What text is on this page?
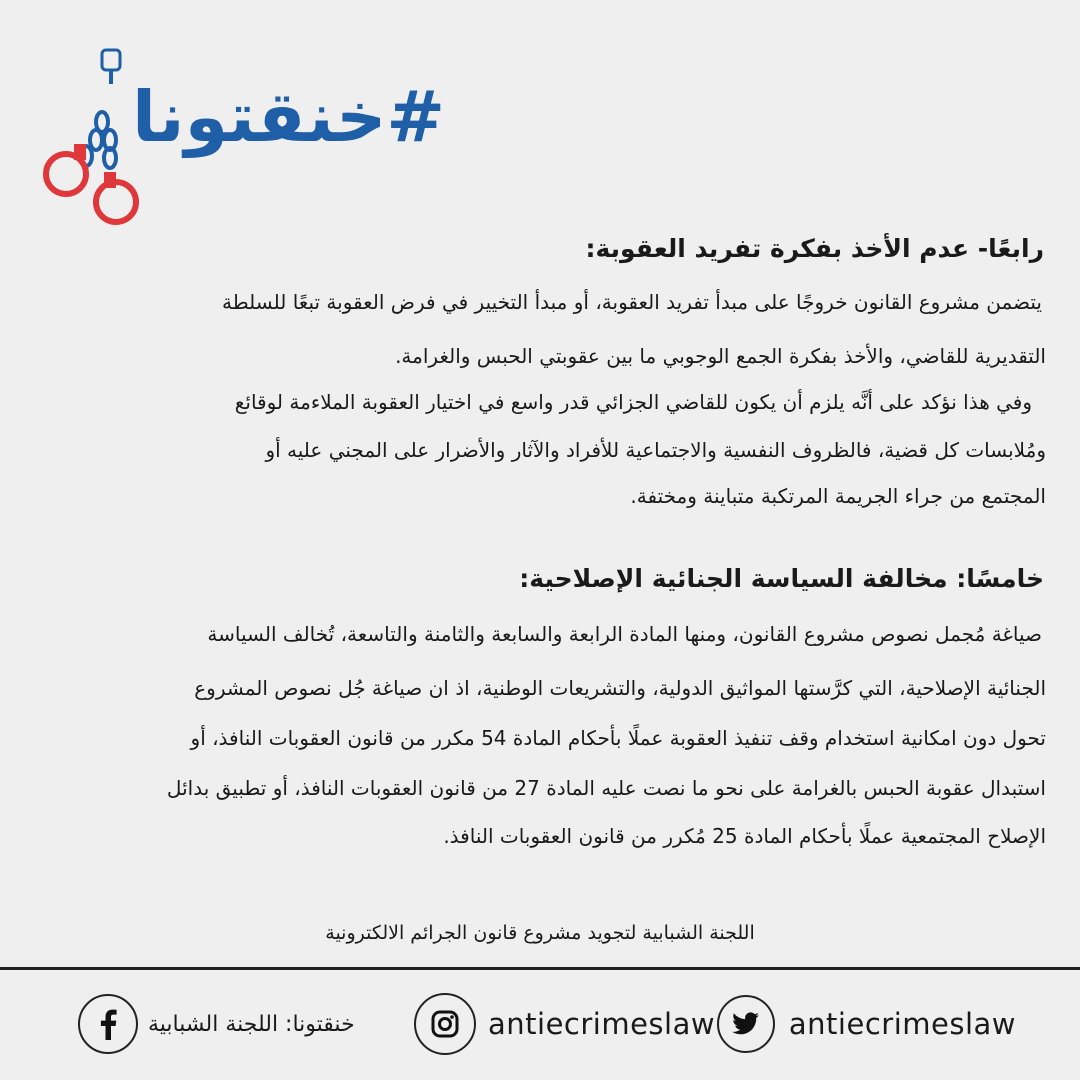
#خنقتونا
رابعًا- عدم الأخذ بفكرة تفريد العقوبة:
يتضمن مشروع القانون خروجًا على مبدأ تفريد العقوبة، أو مبدأ التخيير في فرض العقوبة تبعًا للسلطة
التقديرية للقاضي، والأخذ بفكرة الجمع الوجوبي ما بين عقوبتي الحبس والغرامة.
وفي هذا نؤكد على أنَّه يلزم أن يكون للقاضي الجزائي قدر واسع في اختيار العقوبة الملاءمة لوقائع
ومُلابسات كل قضية، فالظروف النفسية والاجتماعية للأفراد والآثار والأضرار على المجني عليه أو
المجتمع من جراء الجريمة المرتكبة متباينة ومختفة.
خامسًا: مخالفة السياسة الجنائية الإصلاحية:
صياغة مُجمل نصوص مشروع القانون، ومنها المادة الرابعة والسابعة والثامنة والتاسعة، تُخالف السياسة
الجنائية الإصلاحية، التي كرَّستها المواثيق الدولية، والتشريعات الوطنية، اذ ان صياغة جُل نصوص المشروع
تحول دون امكانية استخدام وقف تنفيذ العقوبة عملًا بأحكام المادة 54 مكرر من قانون العقوبات النافذ، أو
استبدال عقوبة الحبس بالغرامة على نحو ما نصت عليه المادة 27 من قانون العقوبات النافذ، أو تطبيق بدائل
الإصلاح المجتمعية عملًا بأحكام المادة 25 مُكرر من قانون العقوبات النافذ.
اللجنة الشبابية لتجويد مشروع قانون الجرائم الالكترونية
antiecrimeslaw
antiecrimeslaw
خنقتونا: اللجنة الشبابية
